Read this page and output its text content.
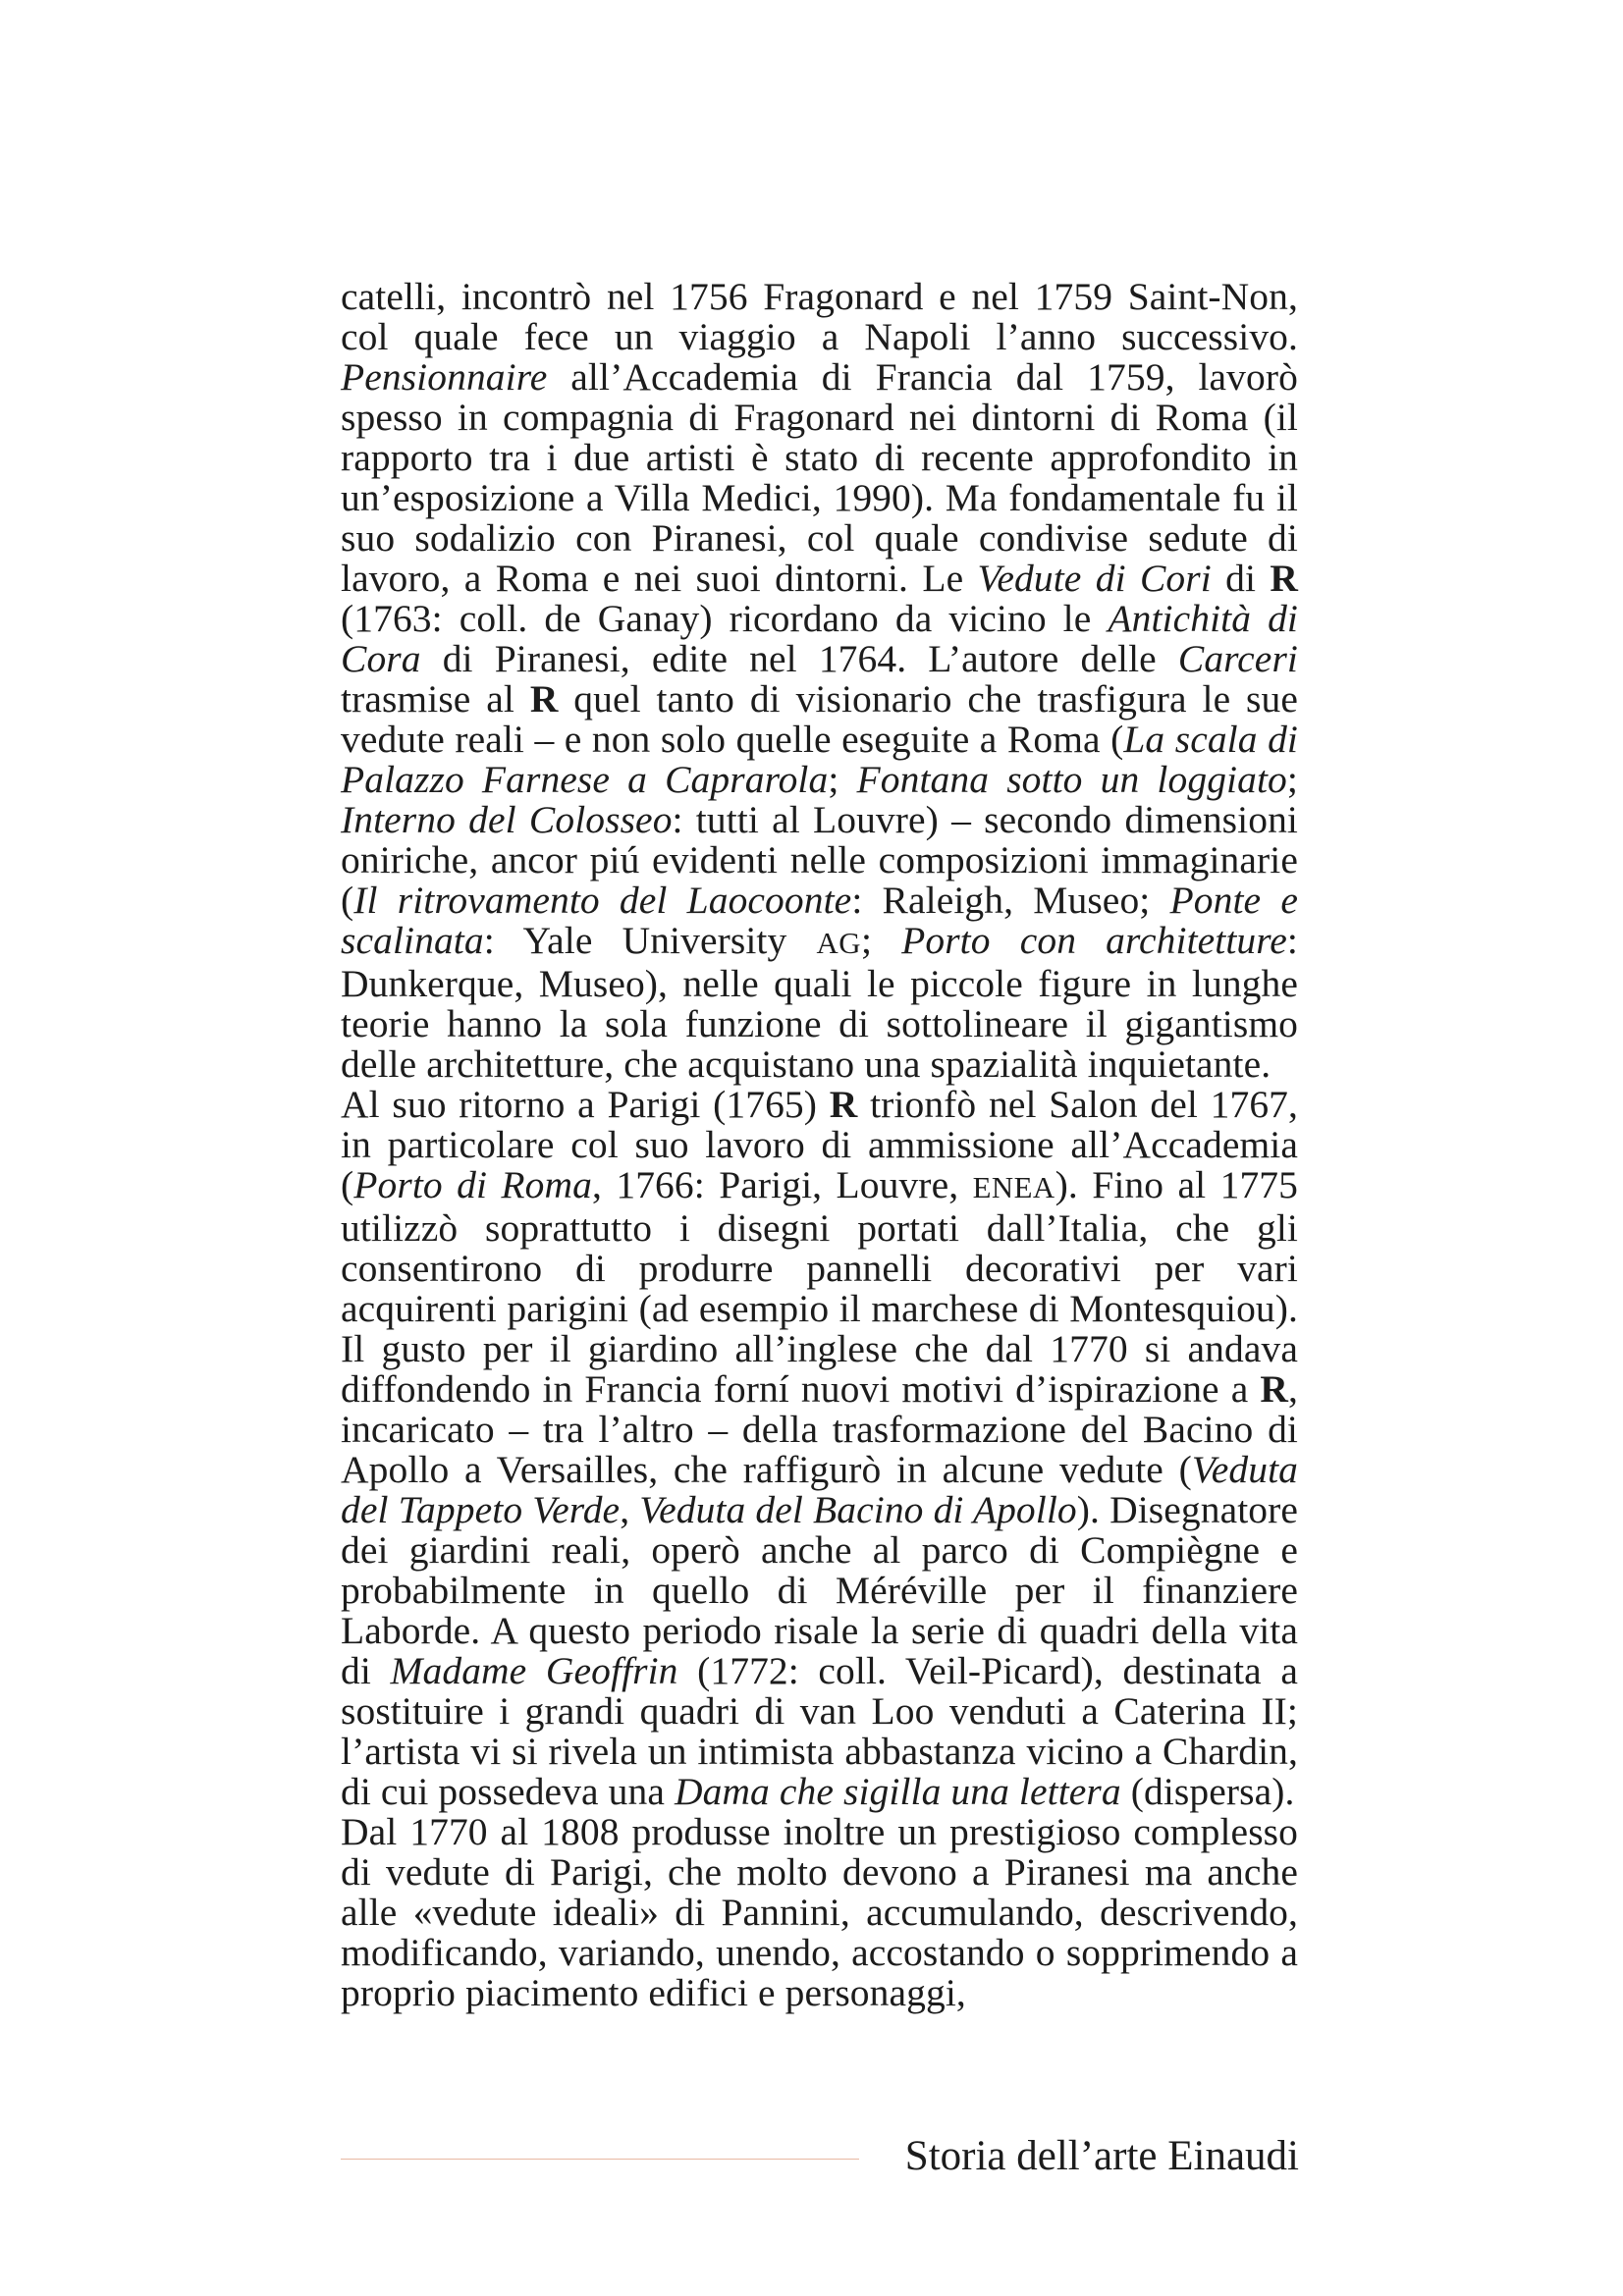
catelli, incontrò nel 1756 Fragonard e nel 1759 Saint-Non, col quale fece un viaggio a Napoli l’anno successivo. Pensionnaire all’Accademia di Francia dal 1759, lavorò spesso in compagnia di Fragonard nei dintorni di Roma (il rapporto tra i due artisti è stato di recente approfondito in un’esposizione a Villa Medici, 1990). Ma fondamentale fu il suo sodalizio con Piranesi, col quale condivise sedute di lavoro, a Roma e nei suoi dintorni. Le Vedute di Cori di R (1763: coll. de Ganay) ricordano da vicino le Antichità di Cora di Piranesi, edite nel 1764. L’autore delle Carceri trasmise al R quel tanto di visionario che trasfigura le sue vedute reali – e non solo quelle eseguite a Roma (La scala di Palazzo Farnese a Caprarola; Fontana sotto un loggiato; Interno del Colosseo: tutti al Louvre) – secondo dimensioni oniriche, ancor piú evidenti nelle composizioni immaginarie (Il ritrovamento del Laocoonte: Raleigh, Museo; Ponte e scalinata: Yale University AG; Porto con architetture: Dunkerque, Museo), nelle quali le piccole figure in lunghe teorie hanno la sola funzione di sottolineare il gigantismo delle architetture, che acquistano una spazialità inquietante.

Al suo ritorno a Parigi (1765) R trionfò nel Salon del 1767, in particolare col suo lavoro di ammissione all’Accademia (Porto di Roma, 1766: Parigi, Louvre, ENEA). Fino al 1775 utilizzò soprattutto i disegni portati dall’Italia, che gli consentirono di produrre pannelli decorativi per vari acquirenti parigini (ad esempio il marchese di Montesquiou). Il gusto per il giardino all’inglese che dal 1770 si andava diffondendo in Francia forní nuovi motivi d’ispirazione a R, incaricato – tra l’altro – della trasformazione del Bacino di Apollo a Versailles, che raffigurò in alcune vedute (Veduta del Tappeto Verde, Veduta del Bacino di Apollo). Disegnatore dei giardini reali, operò anche al parco di Compiègne e probabilmente in quello di Méréville per il finanziere Laborde. A questo periodo risale la serie di quadri della vita di Madame Geoffrin (1772: coll. Veil-Picard), destinata a sostituire i grandi quadri di van Loo venduti a Caterina II; l’artista vi si rivela un intimista abbastanza vicino a Chardin, di cui possedeva una Dama che sigilla una lettera (dispersa).

Dal 1770 al 1808 produsse inoltre un prestigioso complesso di vedute di Parigi, che molto devono a Piranesi ma anche alle «vedute ideali» di Pannini, accumulando, descrivendo, modificando, variando, unendo, accostando o sopprimendo a proprio piacimento edifici e personaggi,

Storia dell’arte Einaudi
